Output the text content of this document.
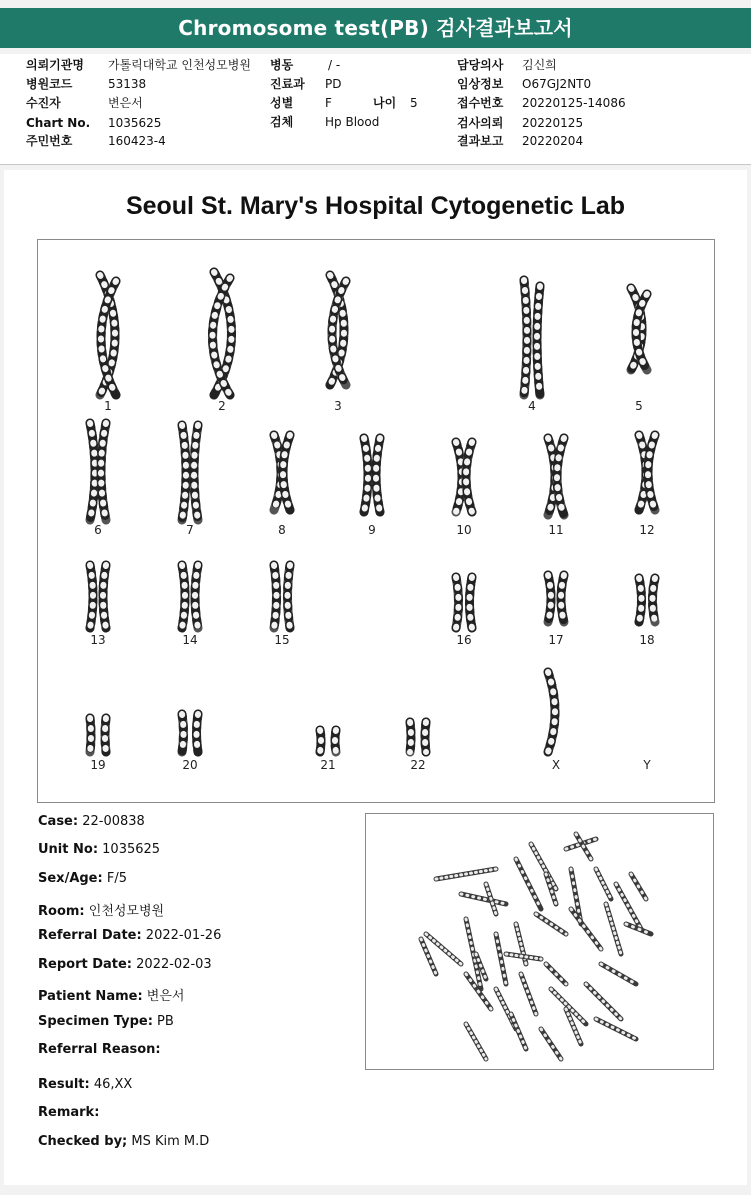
Chromosome test(PB) 검사결과보고서
의뢰기관명 가톨릭대학교 인천성모병원
병원코드	53138
수진자	변은서
Chart No. 1035625
주민번호	160423-4
병동	/ -
진료과 PD
성별	F	나이 5
검체	Hp Blood
담당의사 김신희
임상정보 O67GJ2NT0
접수번호 20220125-14086
검사의뢰 20220125
결과보고 20220204
Seoul St. Mary's Hospital Cytogenetic Lab
1	2	3	4	5
6	7	8	9	10	11	12
13	14	15	16	17	18
19	20	21	22	X	Y
Case: 22-00838
Unit No: 1035625
Sex/Age: F/5
Room: 인천성모병원
Referral Date: 2022-01-26
Report Date: 2022-02-03
Patient Name: 변은서
Specimen Type: PB
Referral Reason:
Result: 46,XX
Remark:
Checked by; MS Kim M.D
